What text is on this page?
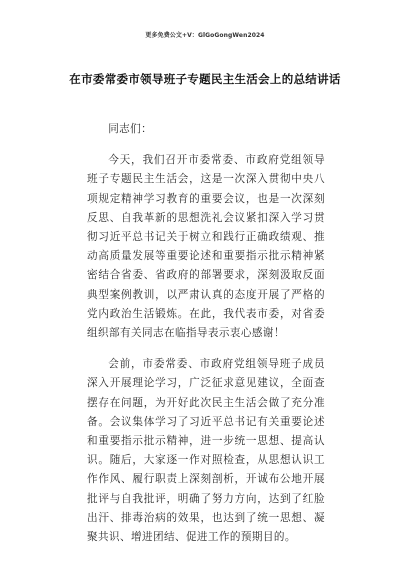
更多免费公文+V：GlGoGongWen2024
在市委常委市领导班子专题民主生活会上的总结讲话

同志们：

今天，我们召开市委常委、市政府党组领导班子专题民主生活会，这是一次深入贯彻中央八项规定精神学习教育的重要会议，也是一次深刻反思、自我革新的思想洗礼会议紧扣深入学习贯彻习近平总书记关于树立和践行正确政绩观、推动高质量发展等重要论述和重要指示批示精神紧密结合省委、省政府的部署要求，深刻汲取反面典型案例教训，以严肃认真的态度开展了严格的党内政治生活锻炼。在此，我代表市委，对省委组织部有关同志在临指导表示衷心感谢！

会前，市委常委、市政府党组领导班子成员深入开展理论学习，广泛征求意见建议，全面查摆存在问题，为开好此次民主生活会做了充分准备。会议集体学习了习近平总书记有关重要论述和重要指示批示精神，进一步统一思想、提高认识。随后，大家逐一作对照检查，从思想认识工作作风、履行职责上深刻剖析，开诚布公地开展批评与自我批评，明确了努力方向，达到了红脸出汗、排毒治病的效果，也达到了统一思想、凝聚共识、增进团结、促进工作的预期目的。
